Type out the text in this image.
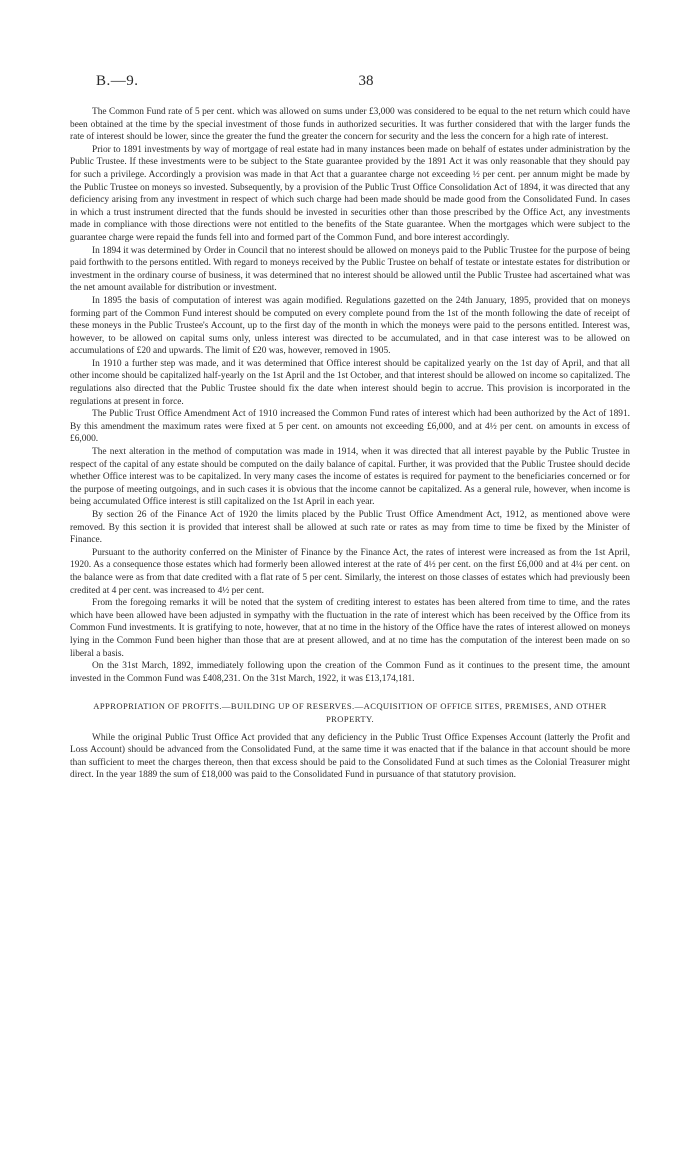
B.—9.	38

The Common Fund rate of 5 per cent. which was allowed on sums under £3,000 was considered to be equal to the net return which could have been obtained at the time by the special investment of those funds in authorized securities. It was further considered that with the larger funds the rate of interest should be lower, since the greater the fund the greater the concern for security and the less the concern for a high rate of interest.

Prior to 1891 investments by way of mortgage of real estate had in many instances been made on behalf of estates under administration by the Public Trustee. If these investments were to be subject to the State guarantee provided by the 1891 Act it was only reasonable that they should pay for such a privilege. Accordingly a provision was made in that Act that a guarantee charge not exceeding ½ per cent. per annum might be made by the Public Trustee on moneys so invested. Subsequently, by a provision of the Public Trust Office Consolidation Act of 1894, it was directed that any deficiency arising from any investment in respect of which such charge had been made should be made good from the Consolidated Fund. In cases in which a trust instrument directed that the funds should be invested in securities other than those prescribed by the Office Act, any investments made in compliance with those directions were not entitled to the benefits of the State guarantee. When the mortgages which were subject to the guarantee charge were repaid the funds fell into and formed part of the Common Fund, and bore interest accordingly.

In 1894 it was determined by Order in Council that no interest should be allowed on moneys paid to the Public Trustee for the purpose of being paid forthwith to the persons entitled. With regard to moneys received by the Public Trustee on behalf of testate or intestate estates for distribution or investment in the ordinary course of business, it was determined that no interest should be allowed until the Public Trustee had ascertained what was the net amount available for distribution or investment.

In 1895 the basis of computation of interest was again modified. Regulations gazetted on the 24th January, 1895, provided that on moneys forming part of the Common Fund interest should be computed on every complete pound from the 1st of the month following the date of receipt of these moneys in the Public Trustee's Account, up to the first day of the month in which the moneys were paid to the persons entitled. Interest was, however, to be allowed on capital sums only, unless interest was directed to be accumulated, and in that case interest was to be allowed on accumulations of £20 and upwards. The limit of £20 was, however, removed in 1905.

In 1910 a further step was made, and it was determined that Office interest should be capitalized yearly on the 1st day of April, and that all other income should be capitalized half-yearly on the 1st April and the 1st October, and that interest should be allowed on income so capitalized. The regulations also directed that the Public Trustee should fix the date when interest should begin to accrue. This provision is incorporated in the regulations at present in force.

The Public Trust Office Amendment Act of 1910 increased the Common Fund rates of interest which had been authorized by the Act of 1891. By this amendment the maximum rates were fixed at 5 per cent. on amounts not exceeding £6,000, and at 4½ per cent. on amounts in excess of £6,000.

The next alteration in the method of computation was made in 1914, when it was directed that all interest payable by the Public Trustee in respect of the capital of any estate should be computed on the daily balance of capital. Further, it was provided that the Public Trustee should decide whether Office interest was to be capitalized. In very many cases the income of estates is required for payment to the beneficiaries concerned or for the purpose of meeting outgoings, and in such cases it is obvious that the income cannot be capitalized. As a general rule, however, when income is being accumulated Office interest is still capitalized on the 1st April in each year.

By section 26 of the Finance Act of 1920 the limits placed by the Public Trust Office Amendment Act, 1912, as mentioned above were removed. By this section it is provided that interest shall be allowed at such rate or rates as may from time to time be fixed by the Minister of Finance.

Pursuant to the authority conferred on the Minister of Finance by the Finance Act, the rates of interest were increased as from the 1st April, 1920. As a consequence those estates which had formerly been allowed interest at the rate of 4½ per cent. on the first £6,000 and at 4¼ per cent. on the balance were as from that date credited with a flat rate of 5 per cent. Similarly, the interest on those classes of estates which had previously been credited at 4 per cent. was increased to 4½ per cent.

From the foregoing remarks it will be noted that the system of crediting interest to estates has been altered from time to time, and the rates which have been allowed have been adjusted in sympathy with the fluctuation in the rate of interest which has been received by the Office from its Common Fund investments. It is gratifying to note, however, that at no time in the history of the Office have the rates of interest allowed on moneys lying in the Common Fund been higher than those that are at present allowed, and at no time has the computation of the interest been made on so liberal a basis.

On the 31st March, 1892, immediately following upon the creation of the Common Fund as it continues to the present time, the amount invested in the Common Fund was £408,231. On the 31st March, 1922, it was £13,174,181.

APPROPRIATION OF PROFITS.—BUILDING UP OF RESERVES.—ACQUISITION OF OFFICE SITES, PREMISES, AND OTHER PROPERTY.

While the original Public Trust Office Act provided that any deficiency in the Public Trust Office Expenses Account (latterly the Profit and Loss Account) should be advanced from the Consolidated Fund, at the same time it was enacted that if the balance in that account should be more than sufficient to meet the charges thereon, then that excess should be paid to the Consolidated Fund at such times as the Colonial Treasurer might direct. In the year 1889 the sum of £18,000 was paid to the Consolidated Fund in pursuance of that statutory provision.
